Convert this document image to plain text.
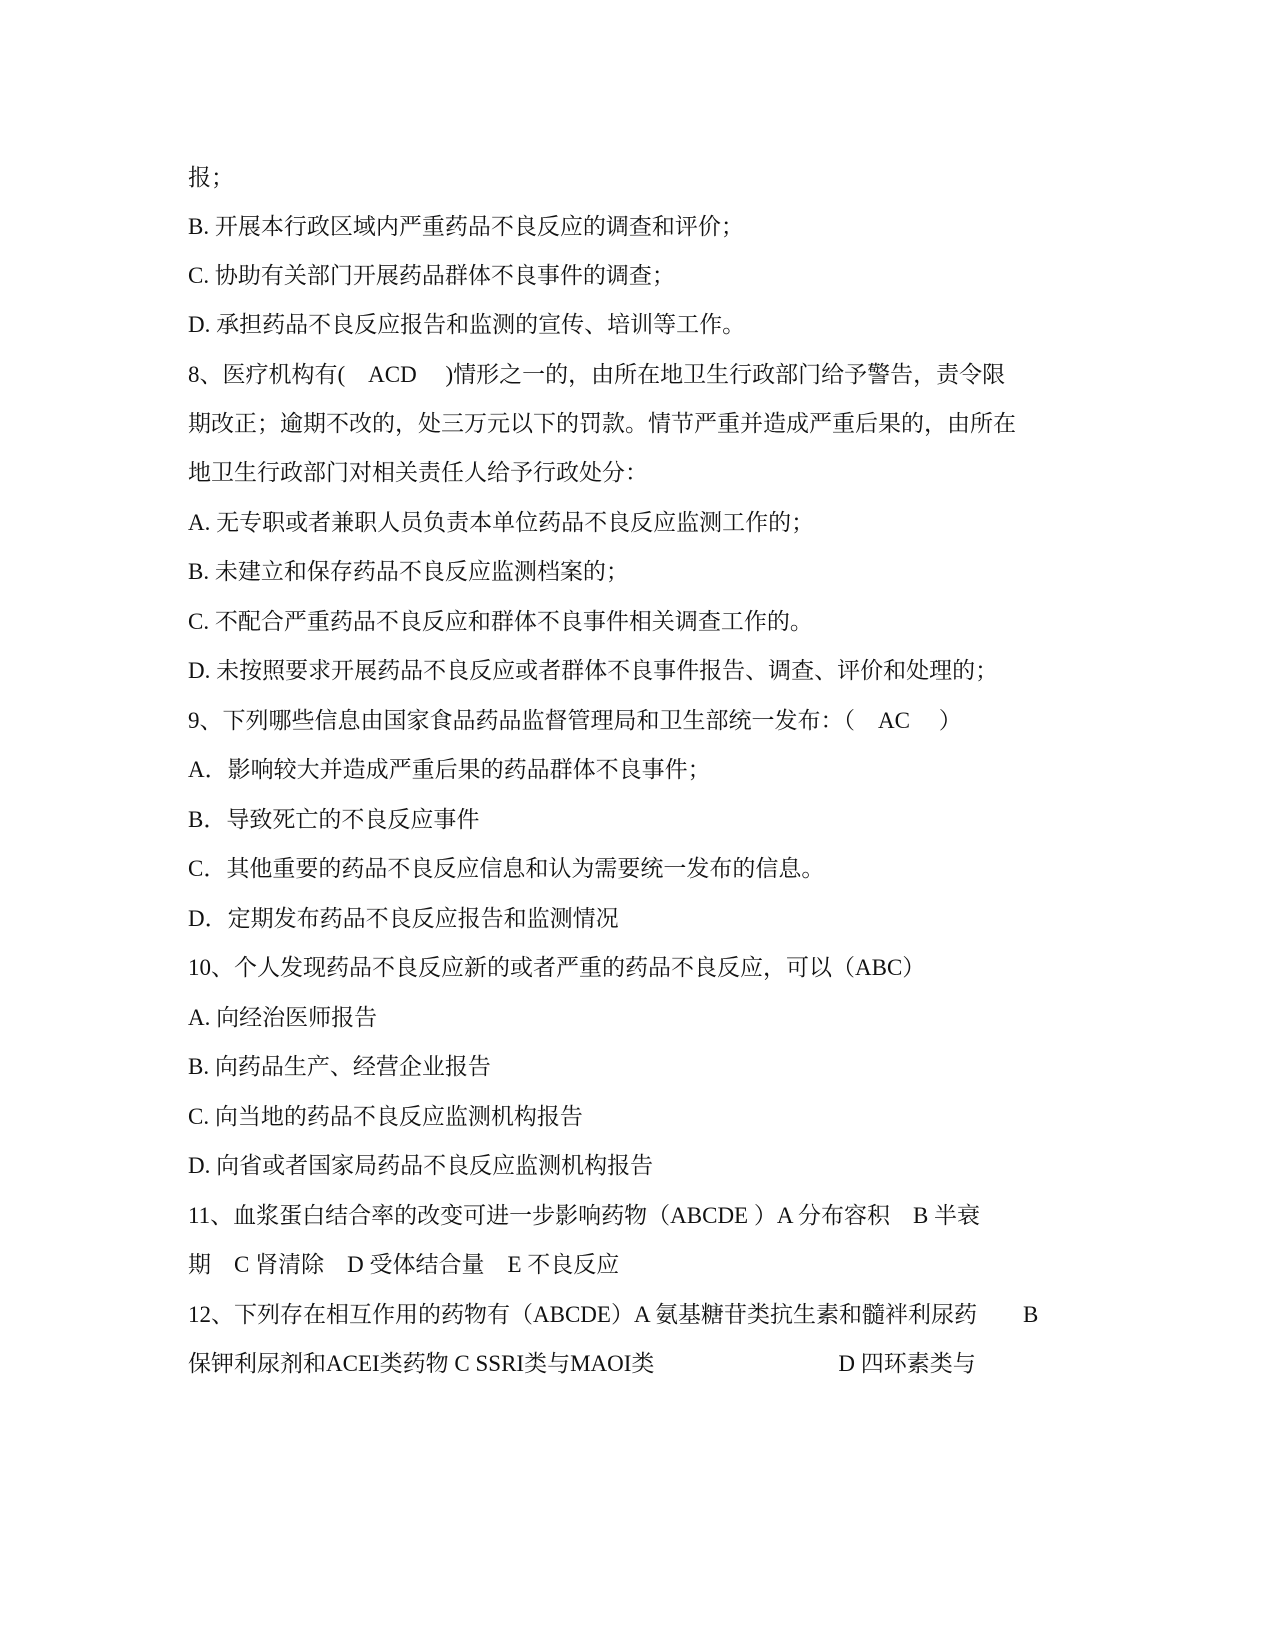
报；
B. 开展本行政区域内严重药品不良反应的调查和评价；
C. 协助有关部门开展药品群体不良事件的调查；
D. 承担药品不良反应报告和监测的宣传、培训等工作。
8、医疗机构有(　ACD　 )情形之一的，由所在地卫生行政部门给予警告，责令限
期改正；逾期不改的，处三万元以下的罚款。情节严重并造成严重后果的，由所在
地卫生行政部门对相关责任人给予行政处分：
A. 无专职或者兼职人员负责本单位药品不良反应监测工作的；
B. 未建立和保存药品不良反应监测档案的；
C. 不配合严重药品不良反应和群体不良事件相关调查工作的。
D. 未按照要求开展药品不良反应或者群体不良事件报告、调查、评价和处理的；
9、下列哪些信息由国家食品药品监督管理局和卫生部统一发布：（　AC　 ）
A．影响较大并造成严重后果的药品群体不良事件；
B．导致死亡的不良反应事件
C．其他重要的药品不良反应信息和认为需要统一发布的信息。
D．定期发布药品不良反应报告和监测情况
10、个人发现药品不良反应新的或者严重的药品不良反应，可以（ABC）
A. 向经治医师报告
B. 向药品生产、经营企业报告
C. 向当地的药品不良反应监测机构报告
D. 向省或者国家局药品不良反应监测机构报告
11、血浆蛋白结合率的改变可进一步影响药物（ABCDE ）A 分布容积　B 半衰
期　C 肾清除　D 受体结合量　E 不良反应
12、下列存在相互作用的药物有（ABCDE）A 氨基糖苷类抗生素和髓袢利尿药　　B
保钾利尿剂和ACEI类药物 C SSRI类与MAOI类　　　　　　　　D 四环素类与
